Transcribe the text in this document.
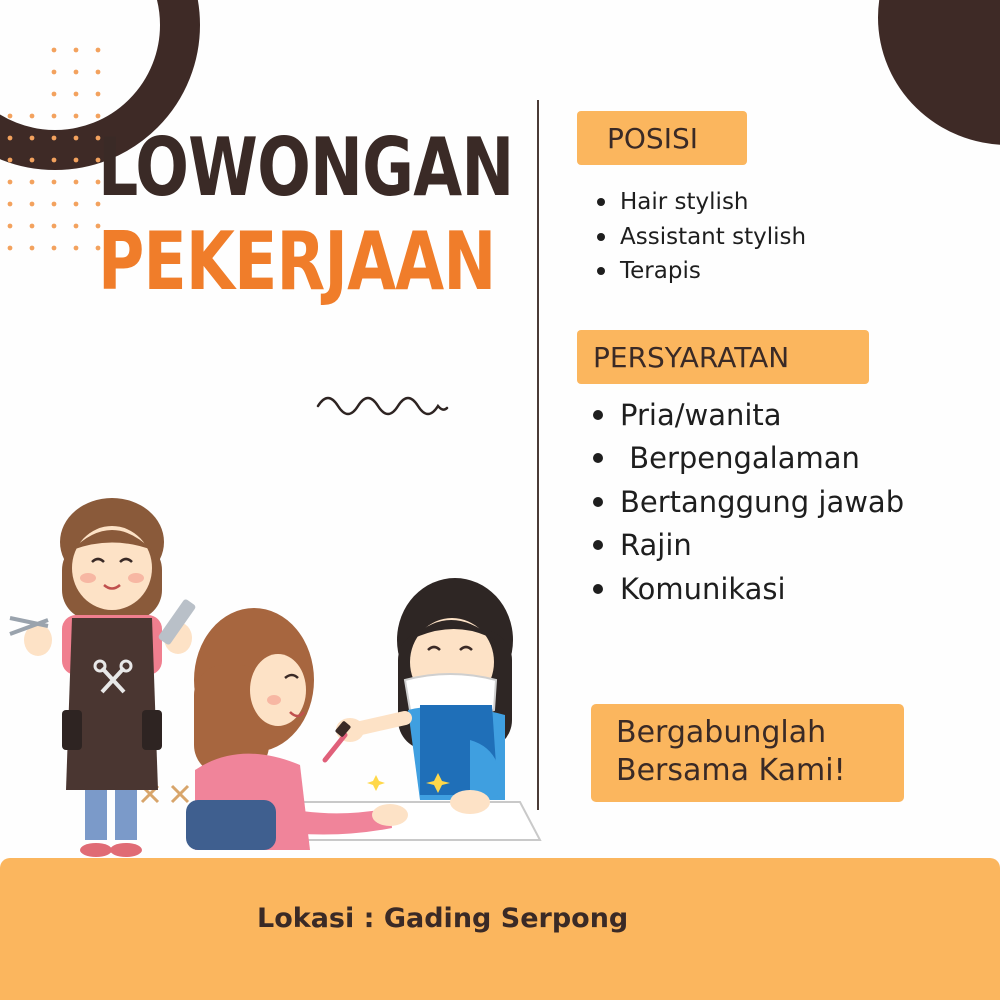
LOWONGAN
PEKERJAAN
POSISI
Hair stylish
Assistant stylish
Terapis
PERSYARATAN
Pria/wanita
Berpengalaman
Bertanggung jawab
Rajin
Komunikasi
Bergabunglah
Bersama Kami!

Lokasi : Gading Serpong
